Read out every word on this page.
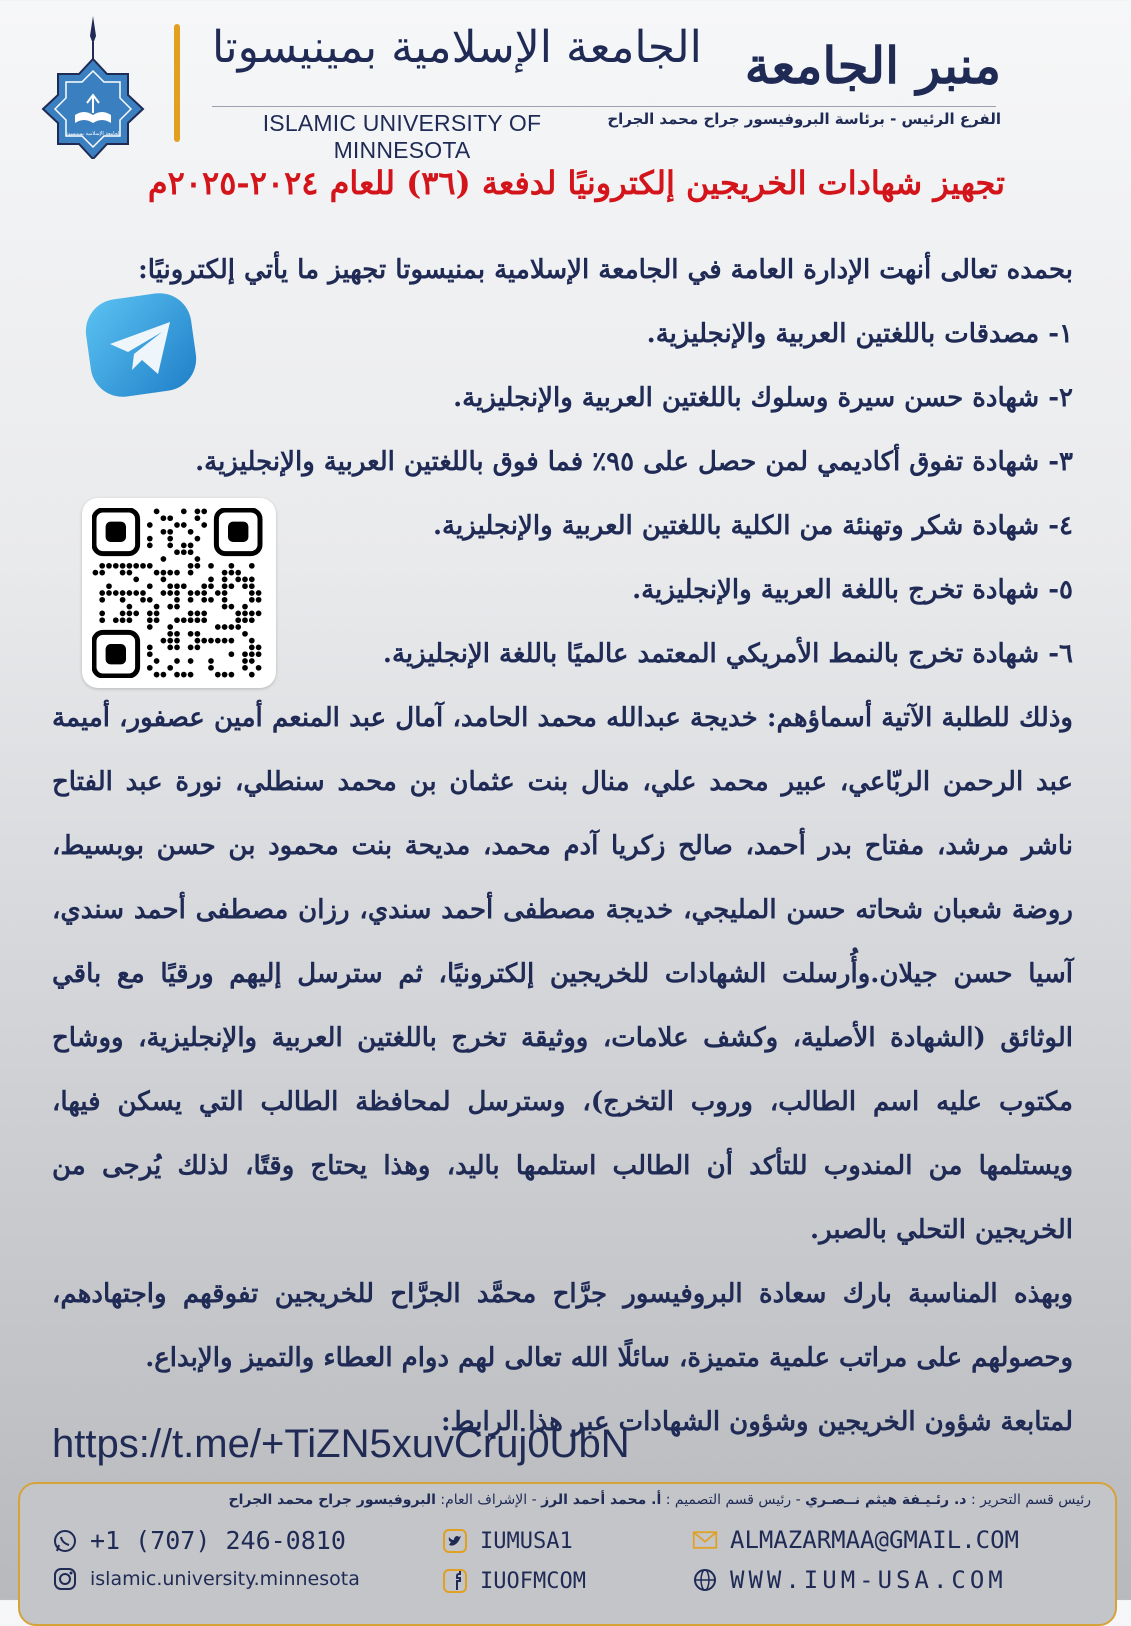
الجامعة الإسلامية بمينيسوتا
الجامعة الإسلامية بمينيسوتا
ISLAMIC UNIVERSITY OF MINNESOTA
منبر الجامعة
الفرع الرئيس - برئاسة البروفيسور جراح محمد الجراح
تجهيز شهادات الخريجين إلكترونيًا لدفعة (٣٦) للعام ٢٠٢٤-٢٠٢٥م

بحمده تعالى أنهت الإدارة العامة في الجامعة الإسلامية بمنيسوتا تجهيز ما يأتي إلكترونيًا:

١- مصدقات باللغتين العربية والإنجليزية.
٢- شهادة حسن سيرة وسلوك باللغتين العربية والإنجليزية.
٣- شهادة تفوق أكاديمي لمن حصل على ٩٥٪ فما فوق باللغتين العربية والإنجليزية.
٤- شهادة شكر وتهنئة من الكلية باللغتين العربية والإنجليزية.
٥- شهادة تخرج باللغة العربية والإنجليزية.
٦- شهادة تخرج بالنمط الأمريكي المعتمد عالميًا باللغة الإنجليزية.

وذلك للطلبة الآتية أسماؤهم: خديجة عبدالله محمد الحامد، آمال عبد المنعم أمين عصفور، أميمة عبد الرحمن الربّاعي، عبير محمد علي، منال بنت عثمان بن محمد سنطلي، نورة عبد الفتاح ناشر مرشد، مفتاح بدر أحمد، صالح زكريا آدم محمد، مديحة بنت محمود بن حسن بوبسيط، روضة شعبان شحاته حسن المليجي، خديجة مصطفى أحمد سندي، رزان مصطفى أحمد سندي، آسيا حسن جيلان.وأُرسلت الشهادات للخريجين إلكترونيًا، ثم سترسل إليهم ورقيًا مع باقي الوثائق (الشهادة الأصلية، وكشف علامات، ووثيقة تخرج باللغتين العربية والإنجليزية، ووشاح مكتوب عليه اسم الطالب، وروب التخرج)، وسترسل لمحافظة الطالب التي يسكن فيها، ويستلمها من المندوب للتأكد أن الطالب استلمها باليد، وهذا يحتاج وقتًا، لذلك يُرجى من الخريجين التحلي بالصبر.

وبهذه المناسبة بارك سعادة البروفيسور جرَّاح محمَّد الجرَّاح للخريجين تفوقهم واجتهادهم، وحصولهم على مراتب علمية متميزة، سائلًا الله تعالى لهم دوام العطاء والتميز والإبداع.

لمتابعة شؤون الخريجين وشؤون الشهادات عبر هذا الرابط:

https://t.me/+TiZN5xuvCruj0UbN
رئيس قسم التحرير : د. رئـيـفة هيثم نــصـري - رئيس قسم التصميم : أ. محمد أحمد الرز - الإشراف العام: البروفيسور جراح محمد الجراح
+1 (707) 246-0810
islamic.university.minnesota
IUMUSA1
IUOFMCOM
ALMAZARMAA@GMAIL.COM
WWW.IUM-USA.COM
